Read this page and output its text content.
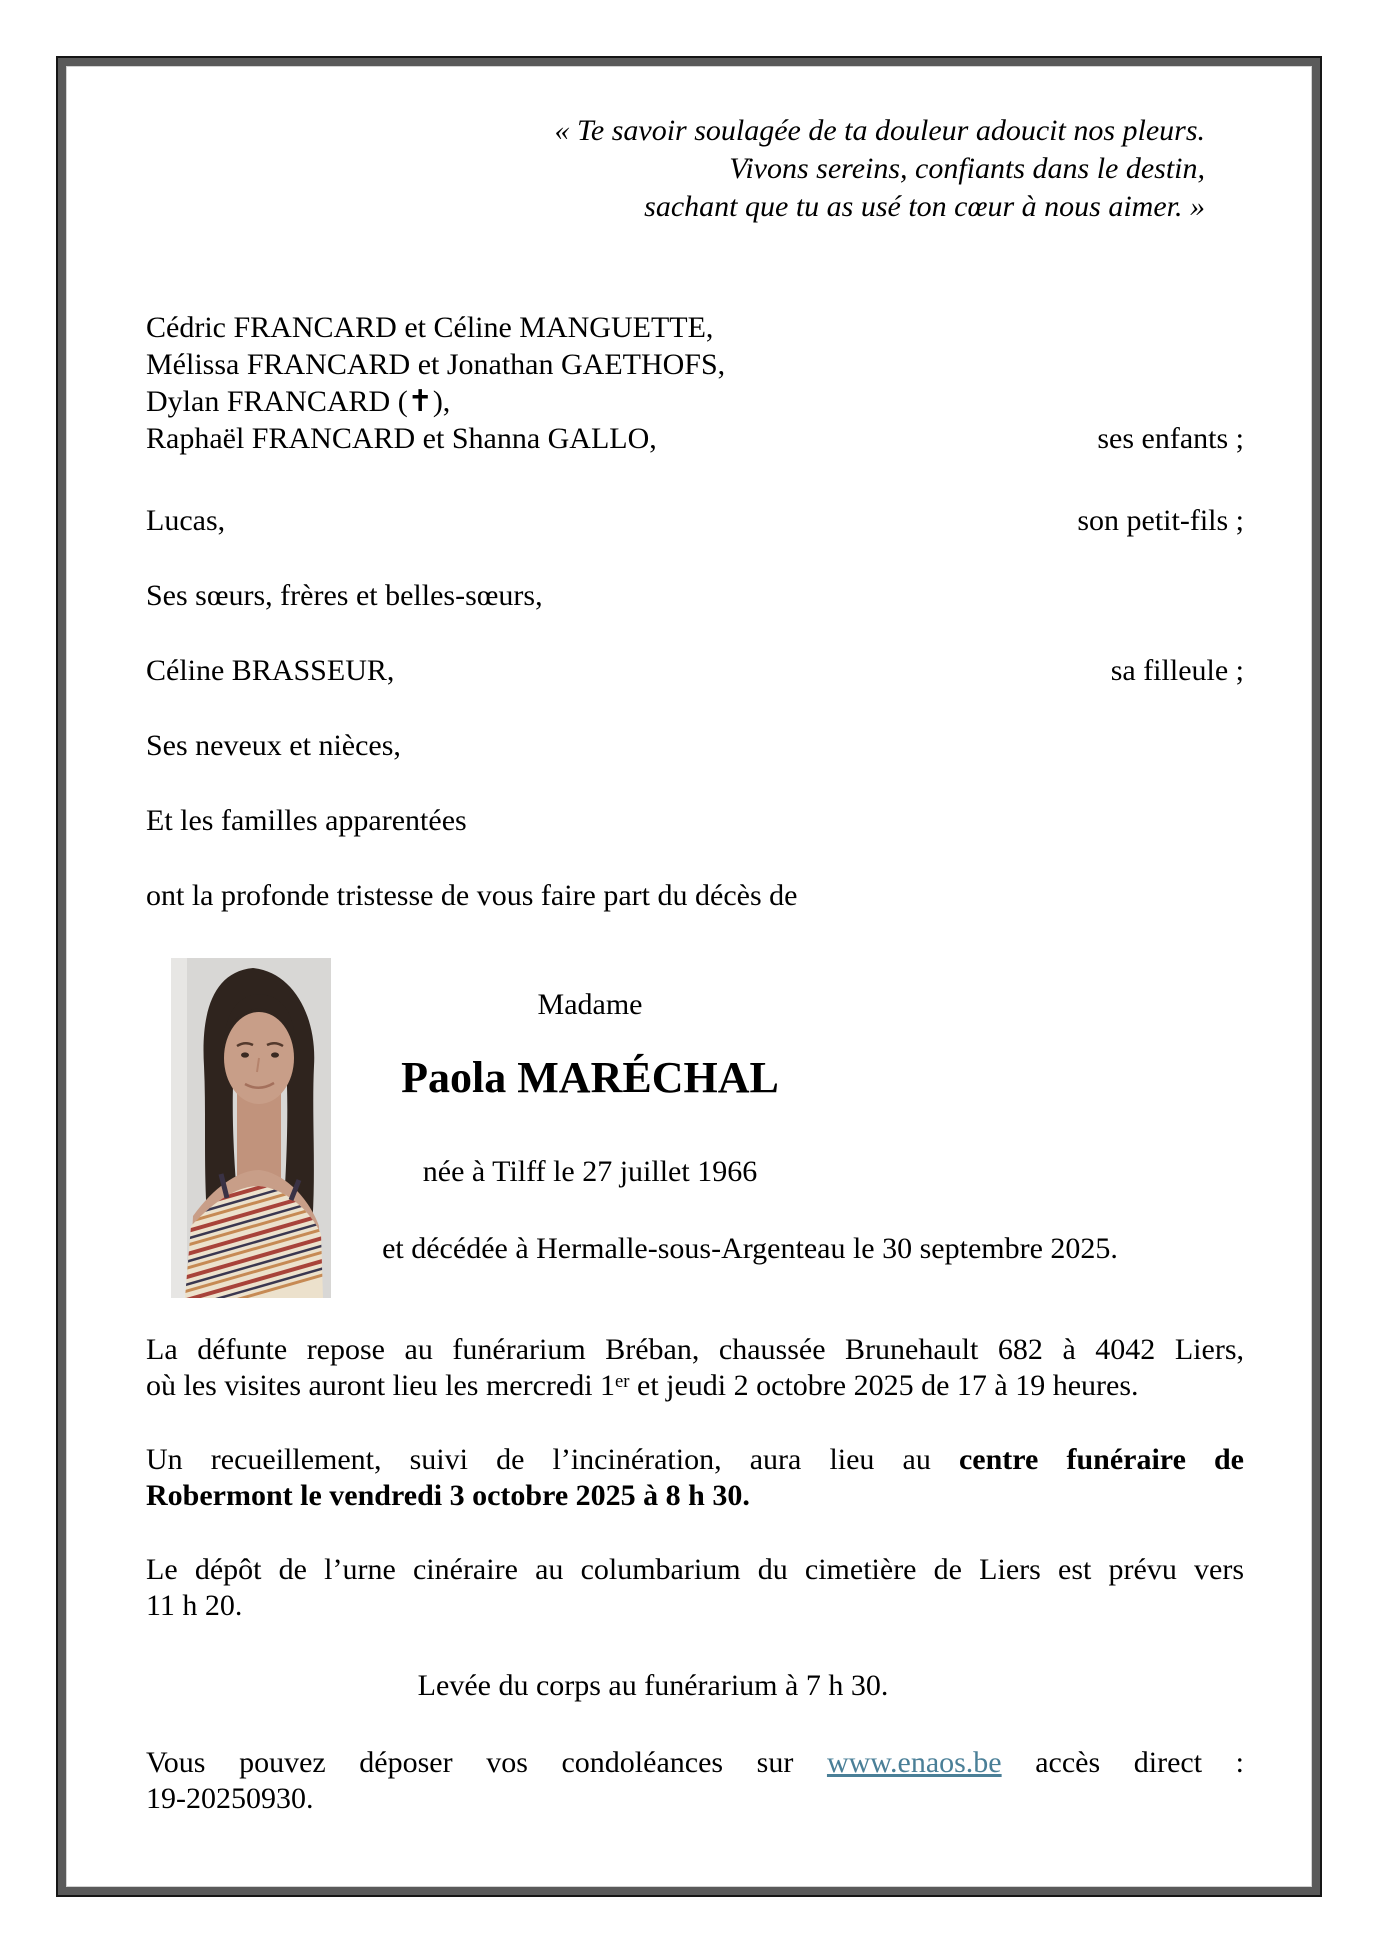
« Te savoir soulagée de ta douleur adoucit nos pleurs.
Vivons sereins, confiants dans le destin,
sachant que tu as usé ton cœur à nous aimer. »
Cédric FRANCARD et Céline MANGUETTE,
Mélissa FRANCARD et Jonathan GAETHOFS,
Dylan FRANCARD (✝),
Raphaël FRANCARD et Shanna GALLO,	ses enfants ;
Lucas,	son petit-fils ;
Ses sœurs, frères et belles-sœurs,
Céline BRASSEUR,	sa filleule ;
Ses neveux et nièces,
Et les familles apparentées
ont la profonde tristesse de vous faire part du décès de
Madame
Paola MARÉCHAL
née à Tilff le 27 juillet 1966
et décédée à Hermalle-sous-Argenteau le 30 septembre 2025.
La défunte repose au funérarium Bréban, chaussée Brunehault 682 à 4042 Liers,
où les visites auront lieu les mercredi 1er et jeudi 2 octobre 2025 de 17 à 19 heures.
Un recueillement, suivi de l’incinération, aura lieu au centre funéraire de
Robermont le vendredi 3 octobre 2025 à 8 h 30.
Le dépôt de l’urne cinéraire au columbarium du cimetière de Liers est prévu vers
11 h 20.
Levée du corps au funérarium à 7 h 30.
Vous pouvez déposer vos condoléances sur www.enaos.be accès direct :
19-20250930.
